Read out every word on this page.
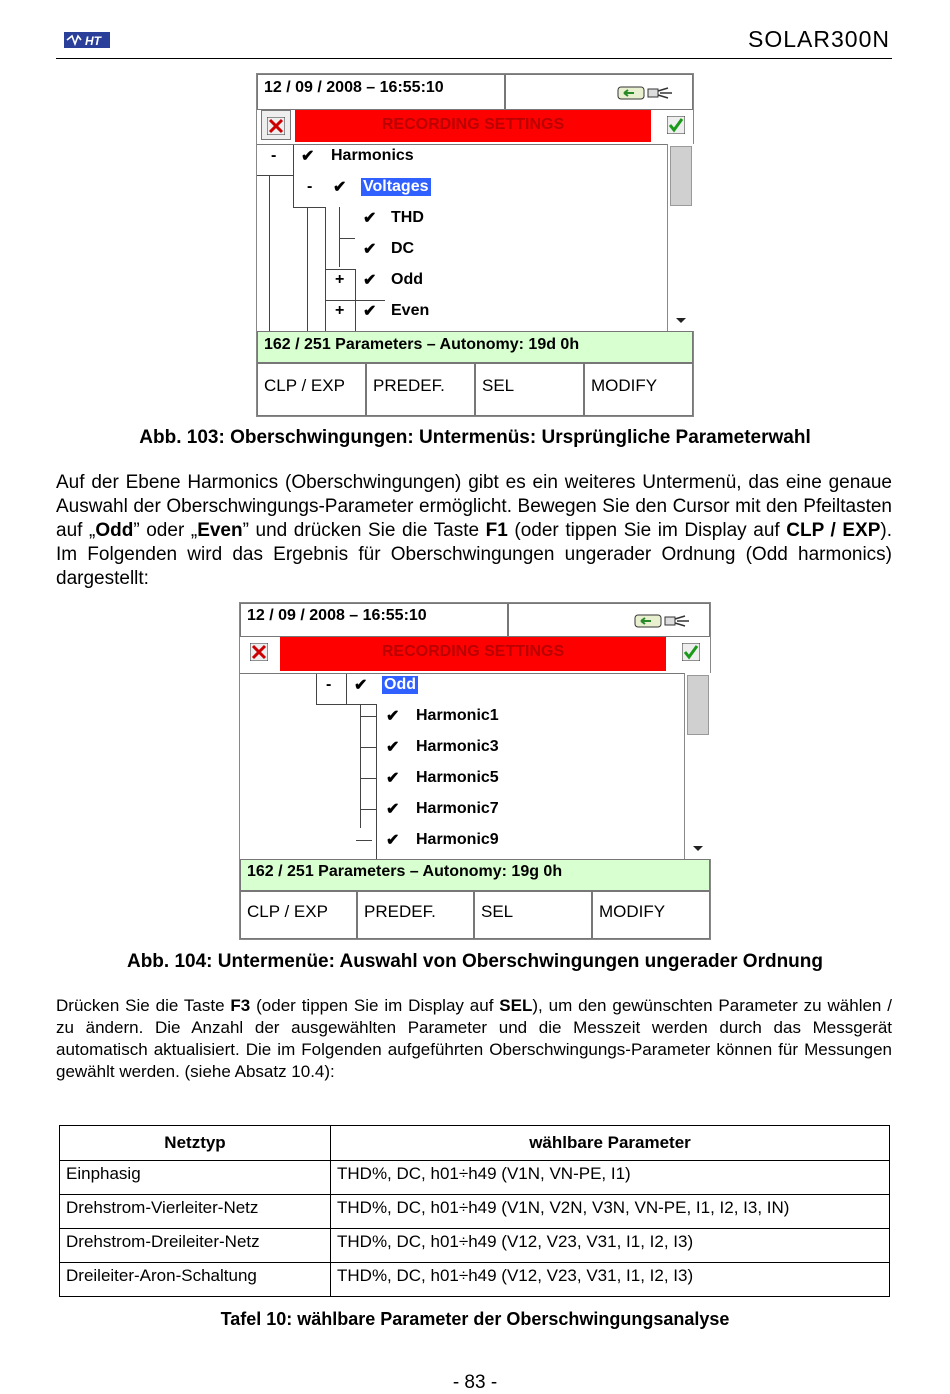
HT	SOLAR300N
12 / 09 / 2008 – 16:55:10
RECORDING SETTINGS
- ✔ Harmonics
- ✔ Voltages
✔ THD
✔ DC
+ ✔ Odd
+ ✔ Even
162 / 251 Parameters – Autonomy: 19d 0h
CLP / EXP	PREDEF.	SEL	MODIFY
Abb. 103: Oberschwingungen: Untermenüs: Ursprüngliche Parameterwahl
Auf der Ebene Harmonics (Oberschwingungen) gibt es ein weiteres Untermenü, das eine genaue Auswahl der Oberschwingungs-Parameter ermöglicht. Bewegen Sie den Cursor mit den Pfeiltasten auf „Odd” oder „Even” und drücken Sie die Taste F1 (oder tippen Sie im Display auf CLP / EXP). Im Folgenden wird das Ergebnis für Oberschwingungen ungerader Ordnung (Odd harmonics) dargestellt:
12 / 09 / 2008 – 16:55:10
RECORDING SETTINGS
- ✔ Odd
✔ Harmonic1
✔ Harmonic3
✔ Harmonic5
✔ Harmonic7
✔ Harmonic9
162 / 251 Parameters – Autonomy: 19g 0h
CLP / EXP	PREDEF.	SEL	MODIFY
Abb. 104: Untermenüe: Auswahl von Oberschwingungen ungerader Ordnung
Drücken Sie die Taste F3 (oder tippen Sie im Display auf SEL), um den gewünschten Parameter zu wählen / zu ändern. Die Anzahl der ausgewählten Parameter und die Messzeit werden durch das Messgerät automatisch aktualisiert. Die im Folgenden aufgeführten Oberschwingungs-Parameter können für Messungen gewählt werden. (siehe Absatz 10.4):
Netztyp	wählbare Parameter
Einphasig	THD%, DC, h01÷h49 (V1N, VN-PE, I1)
Drehstrom-Vierleiter-Netz	THD%, DC, h01÷h49 (V1N, V2N, V3N, VN-PE, I1, I2, I3, IN)
Drehstrom-Dreileiter-Netz	THD%, DC, h01÷h49 (V12, V23, V31, I1, I2, I3)
Dreileiter-Aron-Schaltung	THD%, DC, h01÷h49 (V12, V23, V31, I1, I2, I3)
Tafel 10: wählbare Parameter der Oberschwingungsanalyse
- 83 -
